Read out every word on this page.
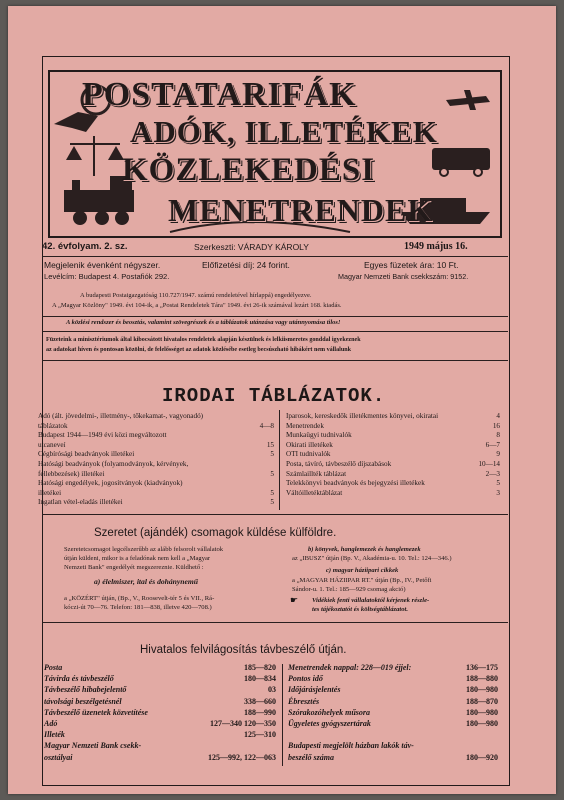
POSTATARIFÁK
ADÓK, ILLETÉKEK
KÖZLEKEDÉSI
MENETRENDEK
42. évfolyam. 2. sz.	Szerkeszti: VÁRADY KÁROLY	1949 május 16.
Megjelenik évenként négyszer.	Előfizetési díj: 24 forint.	Egyes füzetek ára: 10 Ft.
Levélcím: Budapest 4. Postafiók 292.	Magyar Nemzeti Bank csekkszám: 9152.
A budapesti Postaigazgatóság 110.727/1947. számú rendeletével hírlappá) engedélyezve.
A „Magyar Közlöny" 1949. évi 104-ik, a „Postai Rendeletek Tára" 1949. évi 26-ik számával lezárt 168. kiadás.
A közlési rendszer és beosztás, valamint szövegrészek és a táblázatok utánzása vagy utánnyomása tilos!
Füzeteink a minisztériumok által kibocsátott hivatalos rendeletek alapján készülnek és lelkiismeretes gonddal igyekeznek
az adatokat híven és pontosan közölni, de felelősséget az adatok közlésébe esetleg becsúszható hibákért nem vállalunk
IRODAI TÁBLÁZATOK.
Adó (ált. jövedelmi-, illetmény-, tőkekamat-, vagyonadó)
táblázatok	4—8
Budapest 1944—1949 évi közi megváltozott
utcaneveí	15
Cégbírósági beadványok illetékei	5
Hatósági beadványok (folyamodványok, kérvények,
fellebbezések) illetékei	5
Hatósági engedélyek, jogosítványok (kiadványok)
illetékei	5
Ingatlan vétel-eladás illetékei	5
Iparosok, kereskedők illetékmentes könyvei, okiratai	4
Menetrendek	16
Munkaügyi tudnivalók	8
Okirati illetékek	6—7
OTI tudnivalók	9
Posta, távíró, távbeszélő díjszabások	10—14
Számlaillték táblázat	2—3
Telekkönyvi beadványok és bejegyzési illetékek	5
Váltóilletéktáblázat	3
Szeretet (ajándék) csomagok küldése külföldre.
Szeretetcsomagot legcélszerűbb az alább felsorolt vállalatok
útján küldeni, mikor is a feladónak nem kell a „Magyar
Nemzeti Bank" engedélyét megszereznie. Küldhető :
a) élelmiszer, ital és dohánynemű
a „KÖZÉRT" útján, (Bp., V., Roosevelt-tér 5 és VII., Rá-
kóczi-út 70—76. Telefon: 181—838, illetve 420—708.)
b) könyvek, hanglemezek és hanglemezek
az „IBUSZ" útján (Bp. V., Akadémia-u. 10. Tel.: 124—346.)
c) magyar háziipari cikkek
a „MAGYAR HÁZIIPAR RT." útján (Bp., IV., Petőfi
Sándor-u. 1. Tel.: 185—929 csomag akció)
☛ Vidékiek fenti vállalatoktól kérjenek részle-
tes tájékoztatót és költségtáblázatot.
Hivatalos felvilágosítás távbeszélő útján.
Posta	185—820
Távirda és távbeszélő	180—834
Távbeszélő hibabejelentő	03
távolsági beszélgetésnél	338—660
Távbeszélő üzenetek közvetítése	188—990
Adó	127—340 120—350
Illeték	125—310
Magyar Nemzeti Bank csekk-
osztályai	125—992, 122—063
Menetrendek nappal: 228—019 éjjel:	136—175
Pontos idő	188—880
Időjárásjelentés	180—980
Ébresztés	188—870
Szórakozóhelyek műsora	180—980
Ügyeletes gyógyszertárak	180—980
Budapesti megjelölt házban lakók táv-
beszélő száma	180—920
